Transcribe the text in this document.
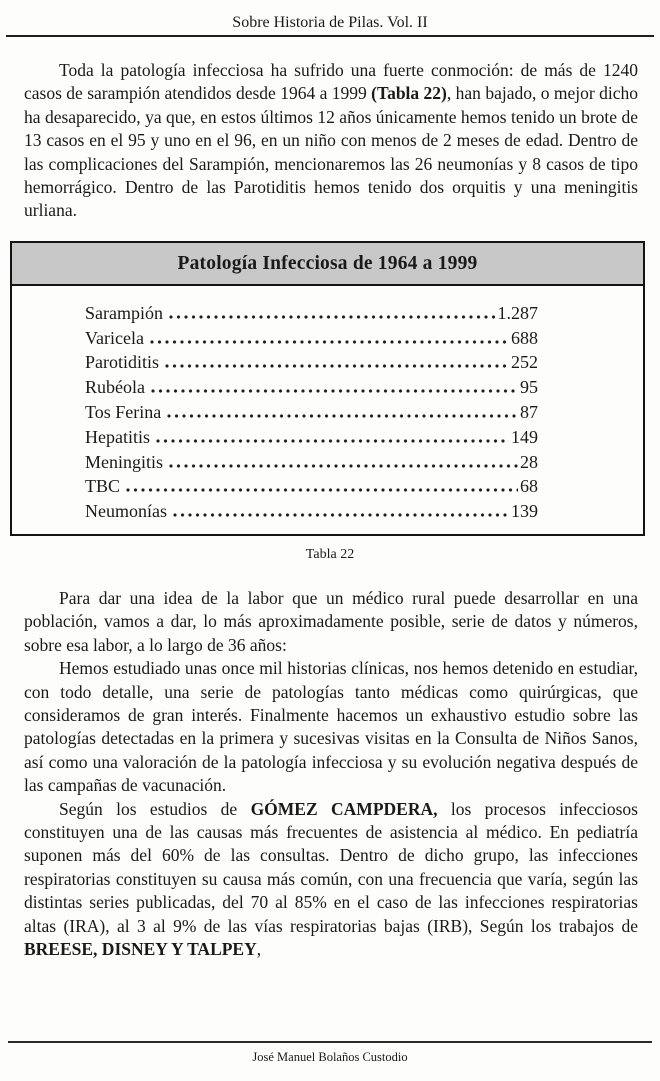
Sobre Historia de Pilas. Vol. II

Toda la patología infecciosa ha sufrido una fuerte conmoción: de más de 1240 casos de sarampión atendidos desde 1964 a 1999 (Tabla 22), han bajado, o mejor dicho ha desaparecido, ya que, en estos últimos 12 años únicamente hemos tenido un brote de 13 casos en el 95 y uno en el 96, en un niño con menos de 2 meses de edad. Dentro de las complicaciones del Sarampión, mencionaremos las 26 neumonías y 8 casos de tipo hemorrágico. Dentro de las Parotiditis hemos tenido dos orquitis y una meningitis urliana.

Patología Infecciosa de 1964 a 1999
Sarampión	1.287
Varicela	688
Parotiditis	252
Rubéola	95
Tos Ferina	87
Hepatitis	149
Meningitis	28
TBC	68
Neumonías	139
Tabla 22

Para dar una idea de la labor que un médico rural puede desarrollar en una población, vamos a dar, lo más aproximadamente posible, serie de datos y números, sobre esa labor, a lo largo de 36 años:

Hemos estudiado unas once mil historias clínicas, nos hemos detenido en estudiar, con todo detalle, una serie de patologías tanto médicas como quirúrgicas, que consideramos de gran interés. Finalmente hacemos un exhaustivo estudio sobre las patologías detectadas en la primera y sucesivas visitas en la Consulta de Niños Sanos, así como una valoración de la patología infecciosa y su evolución negativa después de las campañas de vacunación.

Según los estudios de GÓMEZ CAMPDERA, los procesos infecciosos constituyen una de las causas más frecuentes de asistencia al médico. En pediatría suponen más del 60% de las consultas. Dentro de dicho grupo, las infecciones respiratorias constituyen su causa más común, con una frecuencia que varía, según las distintas series publicadas, del 70 al 85% en el caso de las infecciones respiratorias altas (IRA), al 3 al 9% de las vías respiratorias bajas (IRB), Según los trabajos de BREESE, DISNEY Y TALPEY,

José Manuel Bolaños Custodio
